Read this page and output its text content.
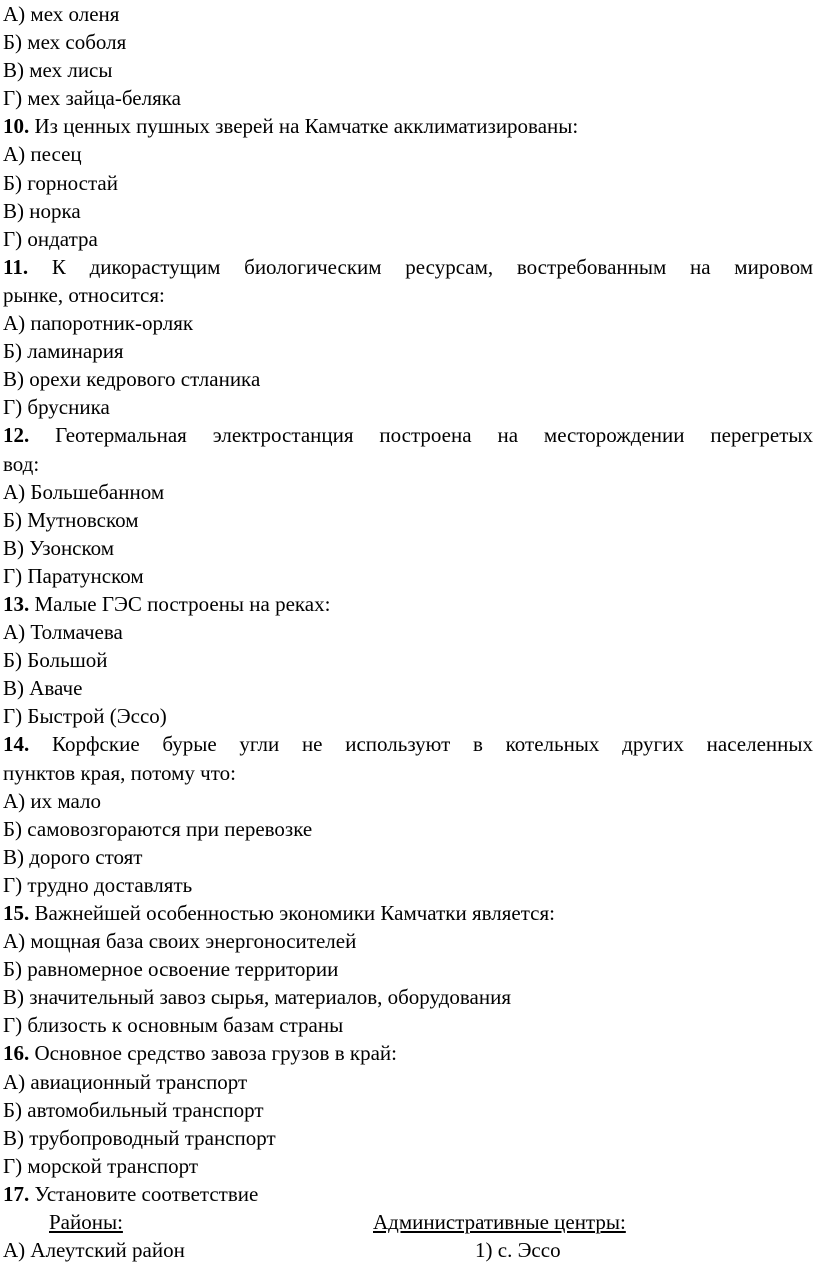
А) мех оленя
Б) мех соболя
В) мех лисы
Г) мех зайца-беляка
10. Из ценных пушных зверей на Камчатке акклиматизированы:
А) песец
Б) горностай
В) норка
Г) ондатра
11. К дикорастущим биологическим ресурсам, востребованным на мировом
рынке, относится:
А) папоротник-орляк
Б) ламинария
В) орехи кедрового стланика
Г) брусника
12. Геотермальная электростанция построена на месторождении перегретых
вод:
А) Большебанном
Б) Мутновском
В) Узонском
Г) Паратунском
13. Малые ГЭС построены на реках:
А) Толмачева
Б) Большой
В) Аваче
Г) Быстрой (Эссо)
14. Корфские бурые угли не используют в котельных других населенных
пунктов края, потому что:
А) их мало
Б) самовозгораются при перевозке
В) дорого стоят
Г) трудно доставлять
15. Важнейшей особенностью экономики Камчатки является:
А) мощная база своих энергоносителей
Б) равномерное освоение территории
В) значительный завоз сырья, материалов, оборудования
Г) близость к основным базам страны
16. Основное средство завоза грузов в край:
А) авиационный транспорт
Б) автомобильный транспорт
В) трубопроводный транспорт
Г) морской транспорт
17. Установите соответствие
Районы:	Административные центры:
А) Алеутский район	1) с. Эссо
